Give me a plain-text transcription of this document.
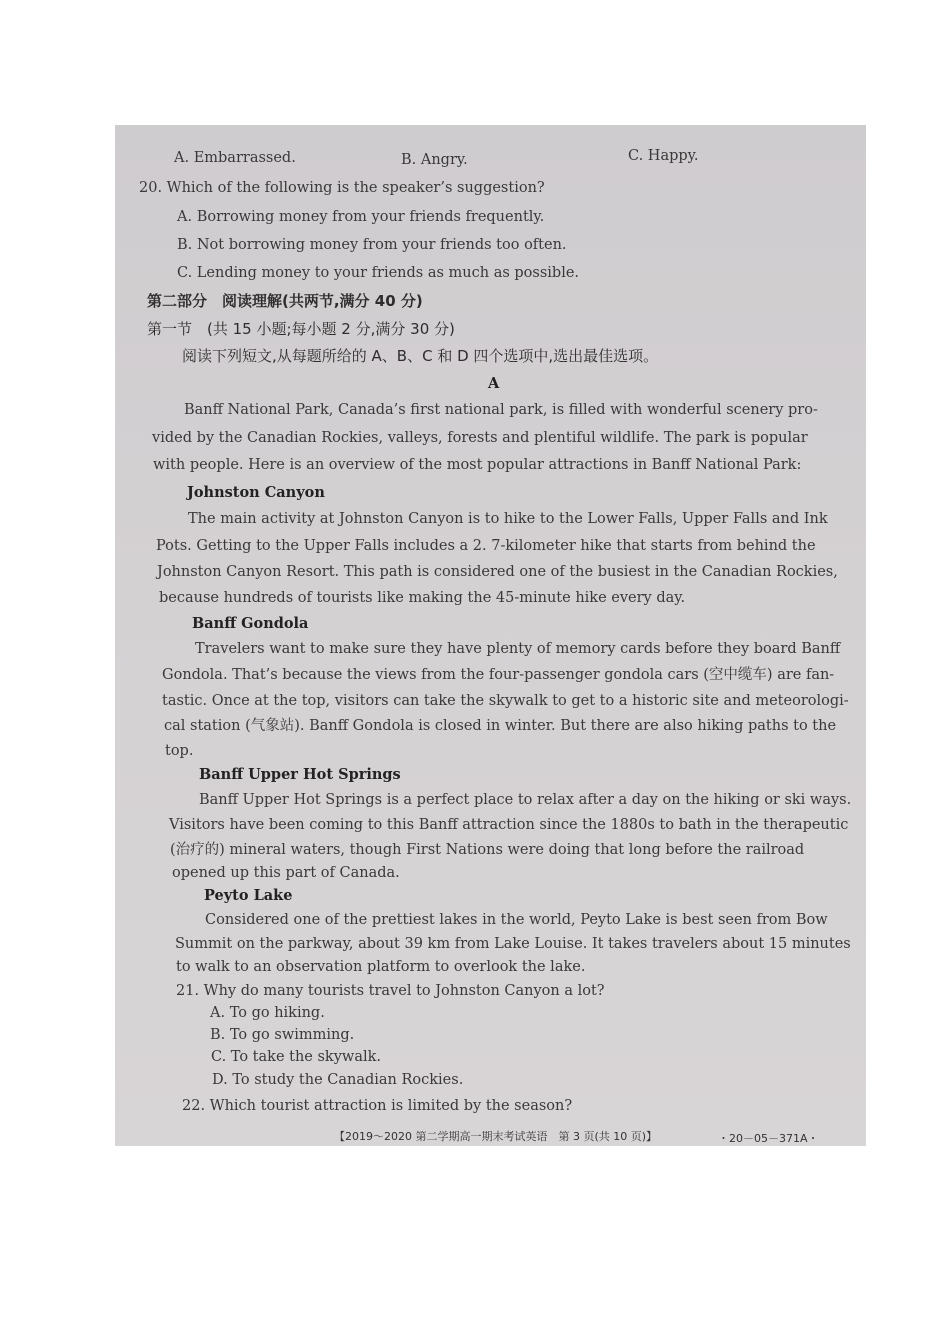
A. Embarrassed.	B. Angry.	C. Happy.
20. Which of the following is the speaker’s suggestion?
A. Borrowing money from your friends frequently.
B. Not borrowing money from your friends too often.
C. Lending money to your friends as much as possible.
第二部分　阅读理解(共两节,满分 40 分)
第一节　(共 15 小题;每小题 2 分,满分 30 分)
阅读下列短文,从每题所给的 A、B、C 和 D 四个选项中,选出最佳选项。
A
Banff National Park, Canada’s first national park, is filled with wonderful scenery pro-
vided by the Canadian Rockies, valleys, forests and plentiful wildlife. The park is popular
with people. Here is an overview of the most popular attractions in Banff National Park:
Johnston Canyon
The main activity at Johnston Canyon is to hike to the Lower Falls, Upper Falls and Ink
Pots. Getting to the Upper Falls includes a 2. 7-kilometer hike that starts from behind the
Johnston Canyon Resort. This path is considered one of the busiest in the Canadian Rockies,
because hundreds of tourists like making the 45-minute hike every day.
Banff Gondola
Travelers want to make sure they have plenty of memory cards before they board Banff
Gondola. That’s because the views from the four-passenger gondola cars (空中缆车) are fan-
tastic. Once at the top, visitors can take the skywalk to get to a historic site and meteorologi-
cal station (气象站). Banff Gondola is closed in winter. But there are also hiking paths to the
top.
Banff Upper Hot Springs
Banff Upper Hot Springs is a perfect place to relax after a day on the hiking or ski ways.
Visitors have been coming to this Banff attraction since the 1880s to bath in the therapeutic
(治疗的) mineral waters, though First Nations were doing that long before the railroad
opened up this part of Canada.
Peyto Lake
Considered one of the prettiest lakes in the world, Peyto Lake is best seen from Bow
Summit on the parkway, about 39 km from Lake Louise. It takes travelers about 15 minutes
to walk to an observation platform to overlook the lake.
21. Why do many tourists travel to Johnston Canyon a lot?
A. To go hiking.
B. To go swimming.
C. To take the skywalk.
D. To study the Canadian Rockies.
22. Which tourist attraction is limited by the season?
【2019～2020 第二学期高一期末考试英语　第 3 页(共 10 页)】	・20－05－371A・
